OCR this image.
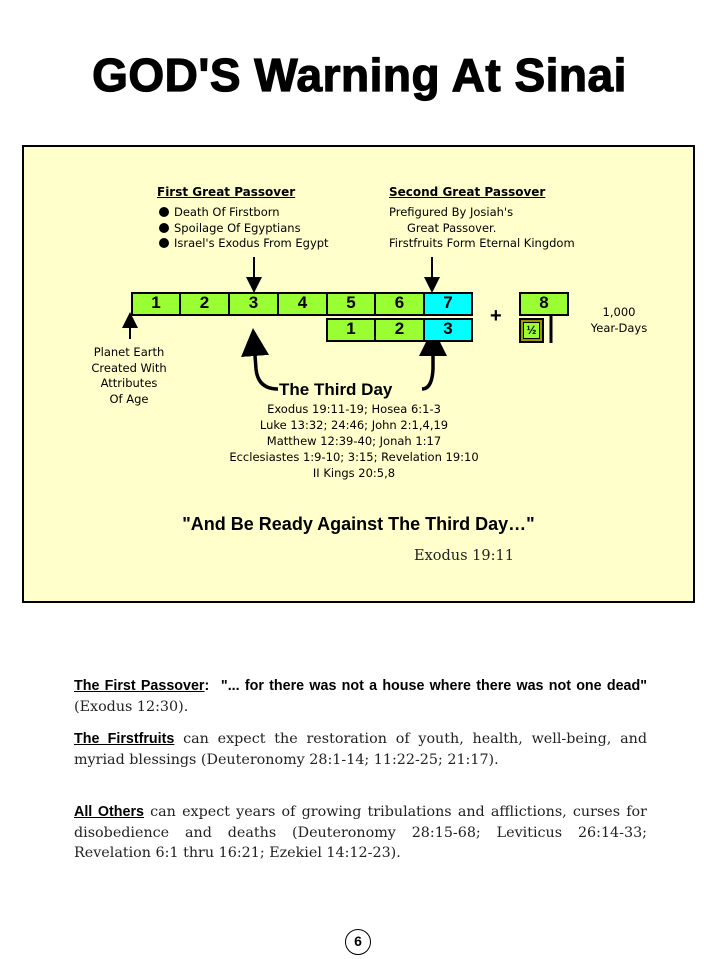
GOD'S Warning At Sinai
First Great Passover
Death Of Firstborn
Spoilage Of Egyptians
Israel's Exodus From Egypt
Second Great Passover
Prefigured By Josiah's
Great Passover.
Firstfruits Form Eternal Kingdom
1	2	3	4	5	6	7
1	2	3
+
8
½
1,000
Year-Days
Planet Earth
Created With
Attributes
Of Age	The Third Day
Exodus 19:11-19; Hosea 6:1-3
Luke 13:32; 24:46; John 2:1,4,19
Matthew 12:39-40; Jonah 1:17
Ecclesiastes 1:9-10; 3:15; Revelation 19:10
II Kings 20:5,8
"And Be Ready Against The Third Day…"
Exodus 19:11
The First Passover: "... for there was not a house where there was not one dead" (Exodus 12:30).
The Firstfruits can expect the restoration of youth, health, well-being, and myriad blessings (Deuteronomy 28:1-14; 11:22-25; 21:17).
All Others can expect years of growing tribulations and afflictions, curses for disobedience and deaths (Deuteronomy 28:15-68; Leviticus 26:14-33; Revelation 6:1 thru 16:21; Ezekiel 14:12-23).
6
